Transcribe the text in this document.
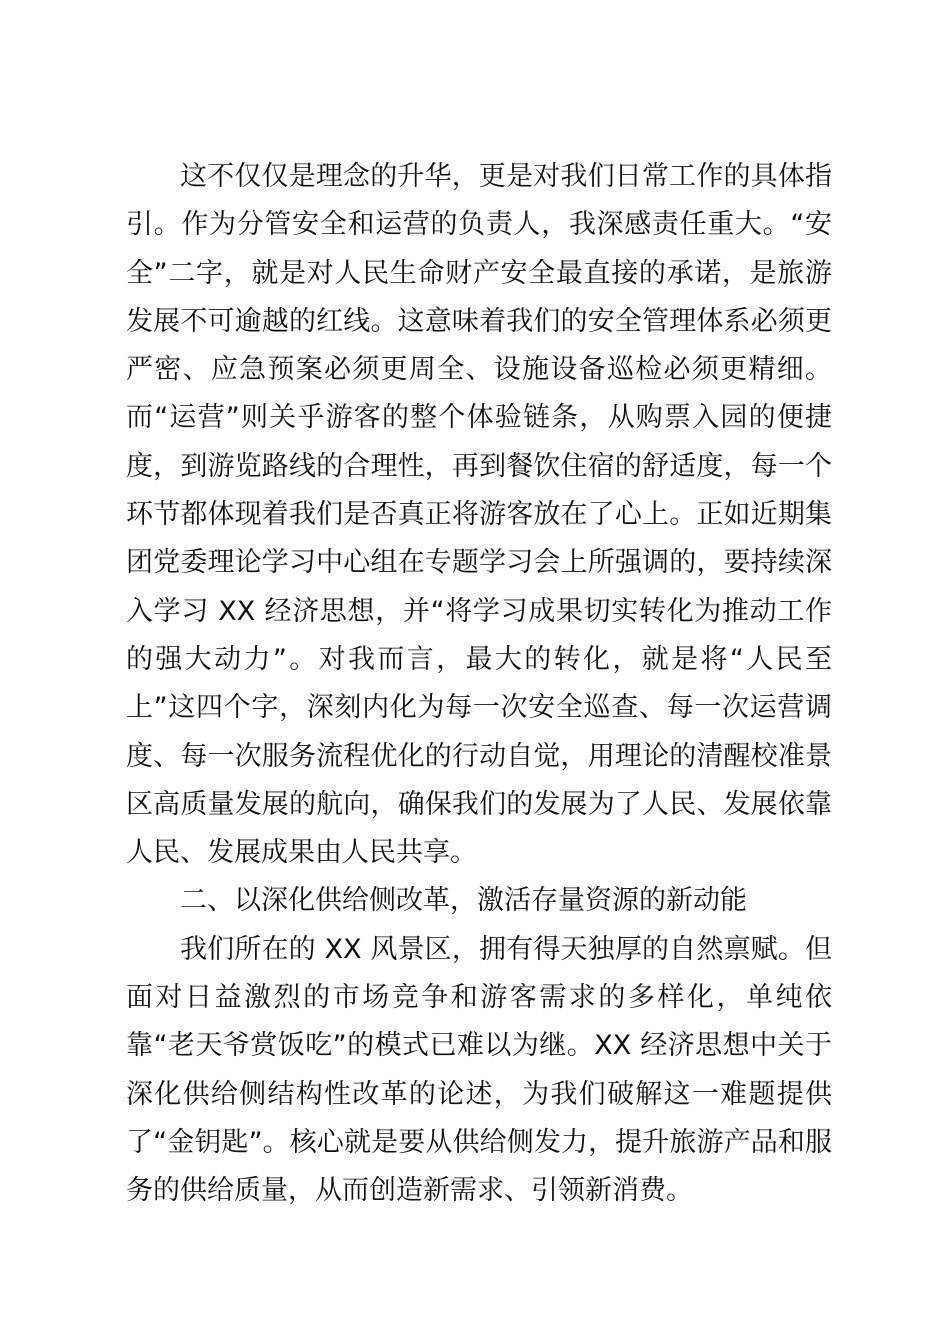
这不仅仅是理念的升华，更是对我们日常工作的具体指引。作为分管安全和运营的负责人，我深感责任重大。“安全”二字，就是对人民生命财产安全最直接的承诺，是旅游发展不可逾越的红线。这意味着我们的安全管理体系必须更严密、应急预案必须更周全、设施设备巡检必须更精细。而“运营”则关乎游客的整个体验链条，从购票入园的便捷度，到游览路线的合理性，再到餐饮住宿的舒适度，每一个环节都体现着我们是否真正将游客放在了心上。正如近期集团党委理论学习中心组在专题学习会上所强调的，要持续深入学习 XX 经济思想，并“将学习成果切实转化为推动工作的强大动力”。对我而言，最大的转化，就是将“人民至上”这四个字，深刻内化为每一次安全巡查、每一次运营调度、每一次服务流程优化的行动自觉，用理论的清醒校准景区高质量发展的航向，确保我们的发展为了人民、发展依靠人民、发展成果由人民共享。

二、以深化供给侧改革，激活存量资源的新动能

我们所在的 XX 风景区，拥有得天独厚的自然禀赋。但面对日益激烈的市场竞争和游客需求的多样化，单纯依靠“老天爷赏饭吃”的模式已难以为继。XX 经济思想中关于深化供给侧结构性改革的论述，为我们破解这一难题提供了“金钥匙”。核心就是要从供给侧发力，提升旅游产品和服务的供给质量，从而创造新需求、引领新消费。
